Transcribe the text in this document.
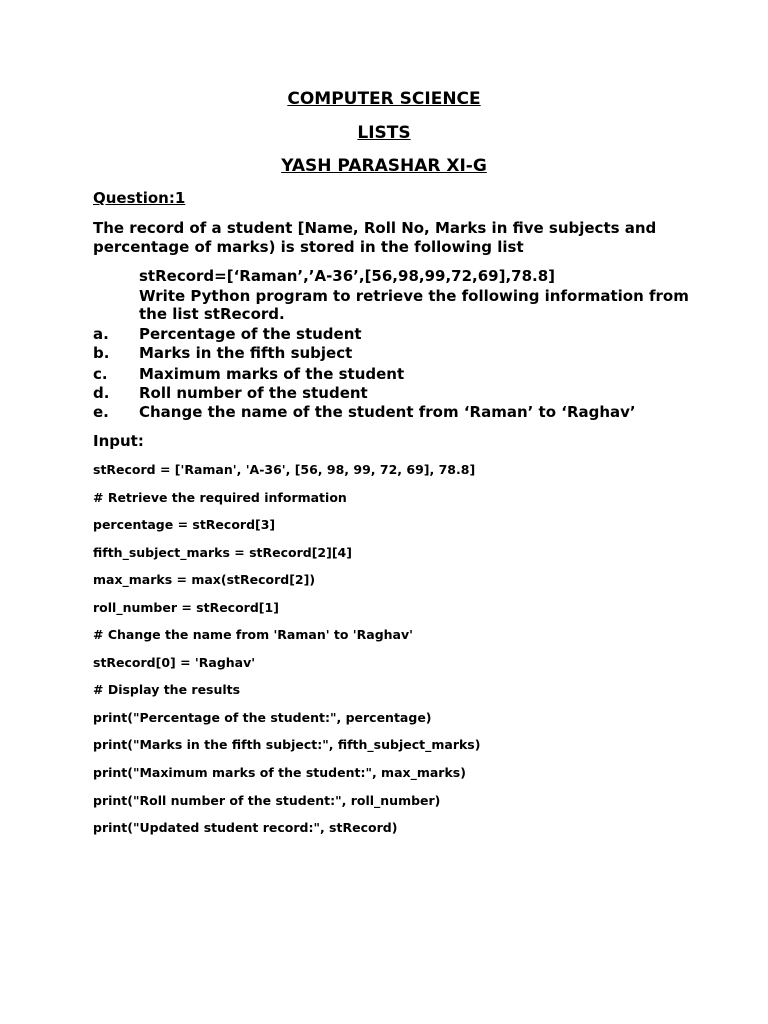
COMPUTER SCIENCE
LISTS
YASH PARASHAR XI-G
Question:1
The record of a student [Name, Roll No, Marks in five subjects and
percentage of marks) is stored in the following list
stRecord=[‘Raman’,’A-36’,[56,98,99,72,69],78.8]
Write Python program to retrieve the following information from
the list stRecord.
a. Percentage of the student
b. Marks in the fifth subject
c. Maximum marks of the student
d. Roll number of the student
e. Change the name of the student from ‘Raman’ to ‘Raghav’
Input:
stRecord = ['Raman', 'A-36', [56, 98, 99, 72, 69], 78.8]
# Retrieve the required information
percentage = stRecord[3]
fifth_subject_marks = stRecord[2][4]
max_marks = max(stRecord[2])
roll_number = stRecord[1]
# Change the name from 'Raman' to 'Raghav'
stRecord[0] = 'Raghav'
# Display the results
print("Percentage of the student:", percentage)
print("Marks in the fifth subject:", fifth_subject_marks)
print("Maximum marks of the student:", max_marks)
print("Roll number of the student:", roll_number)
print("Updated student record:", stRecord)
